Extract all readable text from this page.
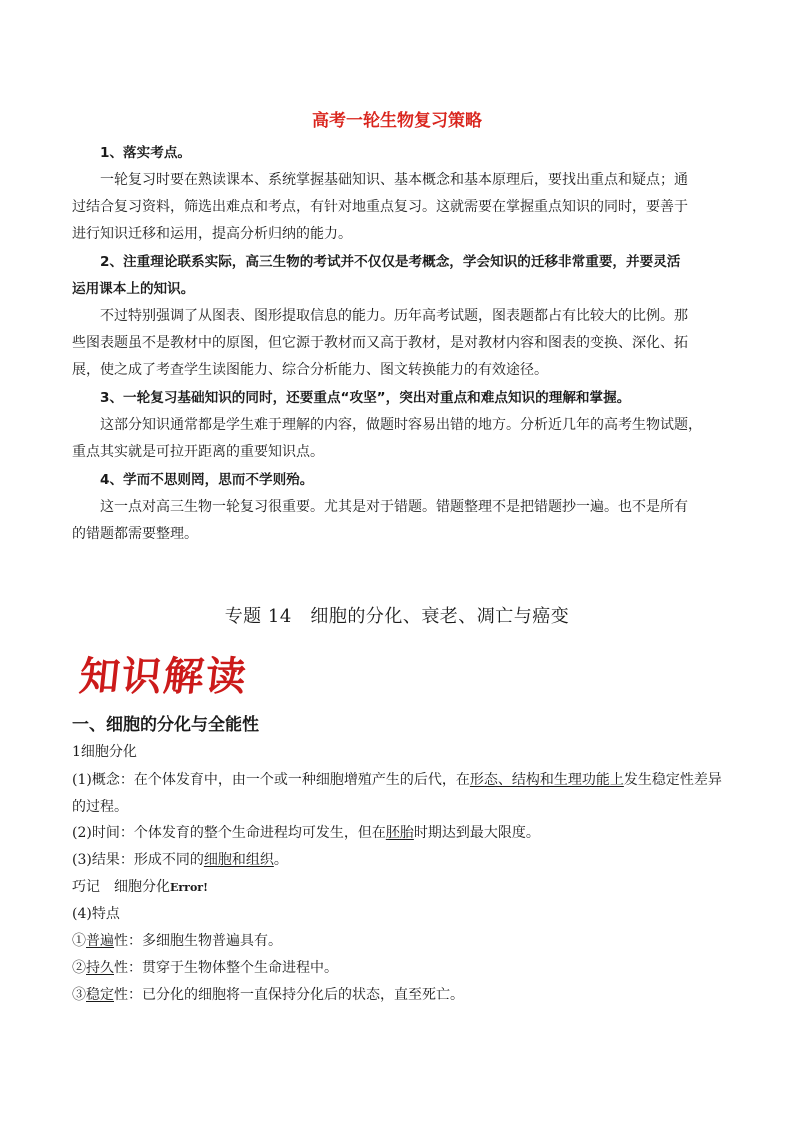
高考一轮生物复习策略
1、落实考点。
一轮复习时要在熟读课本、系统掌握基础知识、基本概念和基本原理后，要找出重点和疑点；通
过结合复习资料，筛选出难点和考点，有针对地重点复习。这就需要在掌握重点知识的同时，要善于
进行知识迁移和运用，提高分析归纳的能力。
2、注重理论联系实际，高三生物的考试并不仅仅是考概念，学会知识的迁移非常重要，并要灵活
运用课本上的知识。
不过特别强调了从图表、图形提取信息的能力。历年高考试题，图表题都占有比较大的比例。那
些图表题虽不是教材中的原图，但它源于教材而又高于教材，是对教材内容和图表的变换、深化、拓
展，使之成了考查学生读图能力、综合分析能力、图文转换能力的有效途径。
3、一轮复习基础知识的同时，还要重点“攻坚”，突出对重点和难点知识的理解和掌握。
这部分知识通常都是学生难于理解的内容，做题时容易出错的地方。分析近几年的高考生物试题，
重点其实就是可拉开距离的重要知识点。
4、学而不思则罔，思而不学则殆。
这一点对高三生物一轮复习很重要。尤其是对于错题。错题整理不是把错题抄一遍。也不是所有
的错题都需要整理。
专题 14　细胞的分化、衰老、凋亡与癌变
知识解读
一、细胞的分化与全能性
1细胞分化
(1)概念：在个体发育中，由一个或一种细胞增殖产生的后代，在形态、结构和生理功能上发生稳定性差异
的过程。
(2)时间：个体发育的整个生命进程均可发生，但在胚胎时期达到最大限度。
(3)结果：形成不同的细胞和组织。
巧记　细胞分化Error!
(4)特点
①普遍性：多细胞生物普遍具有。
②持久性：贯穿于生物体整个生命进程中。
③稳定性：已分化的细胞将一直保持分化后的状态，直至死亡。
